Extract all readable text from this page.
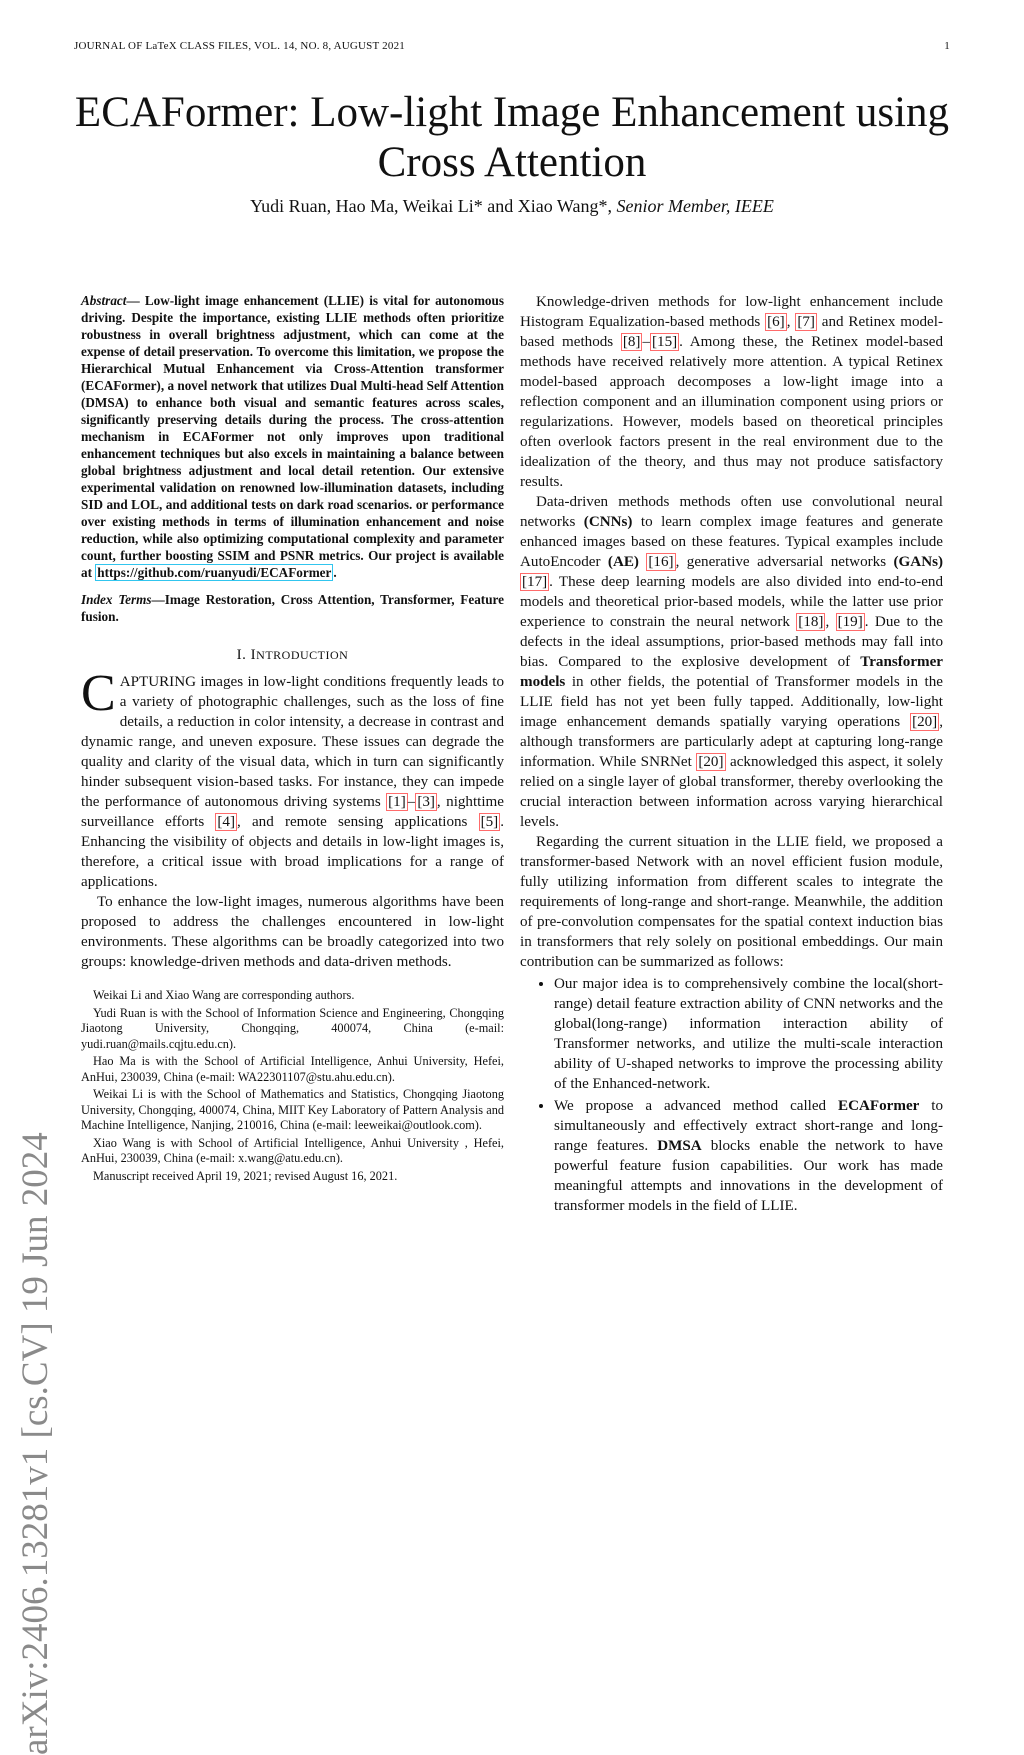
JOURNAL OF LaTeX CLASS FILES, VOL. 14, NO. 8, AUGUST 2021	1
arXiv:2406.13281v1 [cs.CV] 19 Jun 2024
ECAFormer: Low-light Image Enhancement using
Cross Attention
Yudi Ruan, Hao Ma, Weikai Li* and Xiao Wang*, Senior Member, IEEE

Abstract— Low-light image enhancement (LLIE) is vital for autonomous driving. Despite the importance, existing LLIE methods often prioritize robustness in overall brightness adjustment, which can come at the expense of detail preservation. To overcome this limitation, we propose the Hierarchical Mutual Enhancement via Cross-Attention transformer (ECAFormer), a novel network that utilizes Dual Multi-head Self Attention (DMSA) to enhance both visual and semantic features across scales, significantly preserving details during the process. The cross-attention mechanism in ECAFormer not only improves upon traditional enhancement techniques but also excels in maintaining a balance between global brightness adjustment and local detail retention. Our extensive experimental validation on renowned low-illumination datasets, including SID and LOL, and additional tests on dark road scenarios. or performance over existing methods in terms of illumination enhancement and noise reduction, while also optimizing computational complexity and parameter count, further boosting SSIM and PSNR metrics. Our project is available at https://github.com/ruanyudi/ECAFormer .

Index Terms—Image Restoration, Cross Attention, Transformer, Feature fusion.

I. INTRODUCTION

CAPTURING images in low-light conditions frequently leads to a variety of photographic challenges, such as the loss of fine details, a reduction in color intensity, a decrease in contrast and dynamic range, and uneven exposure. These issues can degrade the quality and clarity of the visual data, which in turn can significantly hinder subsequent vision-based tasks. For instance, they can impede the performance of autonomous driving systems [1] – [3] , nighttime surveillance efforts [4] , and remote sensing applications [5] . Enhancing the visibility of objects and details in low-light images is, therefore, a critical issue with broad implications for a range of applications.

To enhance the low-light images, numerous algorithms have been proposed to address the challenges encountered in low-light environments. These algorithms can be broadly categorized into two groups: knowledge-driven methods and data-driven methods.

Weikai Li and Xiao Wang are corresponding authors.

Yudi Ruan is with the School of Information Science and Engineering, Chongqing Jiaotong University, Chongqing, 400074, China (e-mail: yudi.ruan@mails.cqjtu.edu.cn).

Hao Ma is with the School of Artificial Intelligence, Anhui University, Hefei, AnHui, 230039, China (e-mail: WA22301107@stu.ahu.edu.cn).

Weikai Li is with the School of Mathematics and Statistics, Chongqing Jiaotong University, Chongqing, 400074, China, MIIT Key Laboratory of Pattern Analysis and Machine Intelligence, Nanjing, 210016, China (e-mail: leeweikai@outlook.com).

Xiao Wang is with School of Artificial Intelligence, Anhui University , Hefei, AnHui, 230039, China (e-mail: x.wang@atu.edu.cn).

Manuscript received April 19, 2021; revised August 16, 2021.

Knowledge-driven methods for low-light enhancement include Histogram Equalization-based methods [6] , [7] and Retinex model-based methods [8] – [15] . Among these, the Retinex model-based methods have received relatively more attention. A typical Retinex model-based approach decomposes a low-light image into a reflection component and an illumination component using priors or regularizations. However, models based on theoretical principles often overlook factors present in the real environment due to the idealization of the theory, and thus may not produce satisfactory results.

Data-driven methods methods often use convolutional neural networks (CNNs) to learn complex image features and generate enhanced images based on these features. Typical examples include AutoEncoder (AE) [16] , generative adversarial networks (GANs) [17] . These deep learning models are also divided into end-to-end models and theoretical prior-based models, while the latter use prior experience to constrain the neural network [18] , [19] . Due to the defects in the ideal assumptions, prior-based methods may fall into bias. Compared to the explosive development of Transformer models in other fields, the potential of Transformer models in the LLIE field has not yet been fully tapped. Additionally, low-light image enhancement demands spatially varying operations [20] , although transformers are particularly adept at capturing long-range information. While SNRNet [20] acknowledged this aspect, it solely relied on a single layer of global transformer, thereby overlooking the crucial interaction between information across varying hierarchical levels.

Regarding the current situation in the LLIE field, we proposed a transformer-based Network with an novel efficient fusion module, fully utilizing information from different scales to integrate the requirements of long-range and short-range. Meanwhile, the addition of pre-convolution compensates for the spatial context induction bias in transformers that rely solely on positional embeddings. Our main contribution can be summarized as follows:

• Our major idea is to comprehensively combine the local(short-range) detail feature extraction ability of CNN networks and the global(long-range) information interaction ability of Transformer networks, and utilize the multi-scale interaction ability of U-shaped networks to improve the processing ability of the Enhanced-network.
• We propose a advanced method called ECAFormer to simultaneously and effectively extract short-range and long-range features. DMSA blocks enable the network to have powerful feature fusion capabilities. Our work has made meaningful attempts and innovations in the development of transformer models in the field of LLIE.
